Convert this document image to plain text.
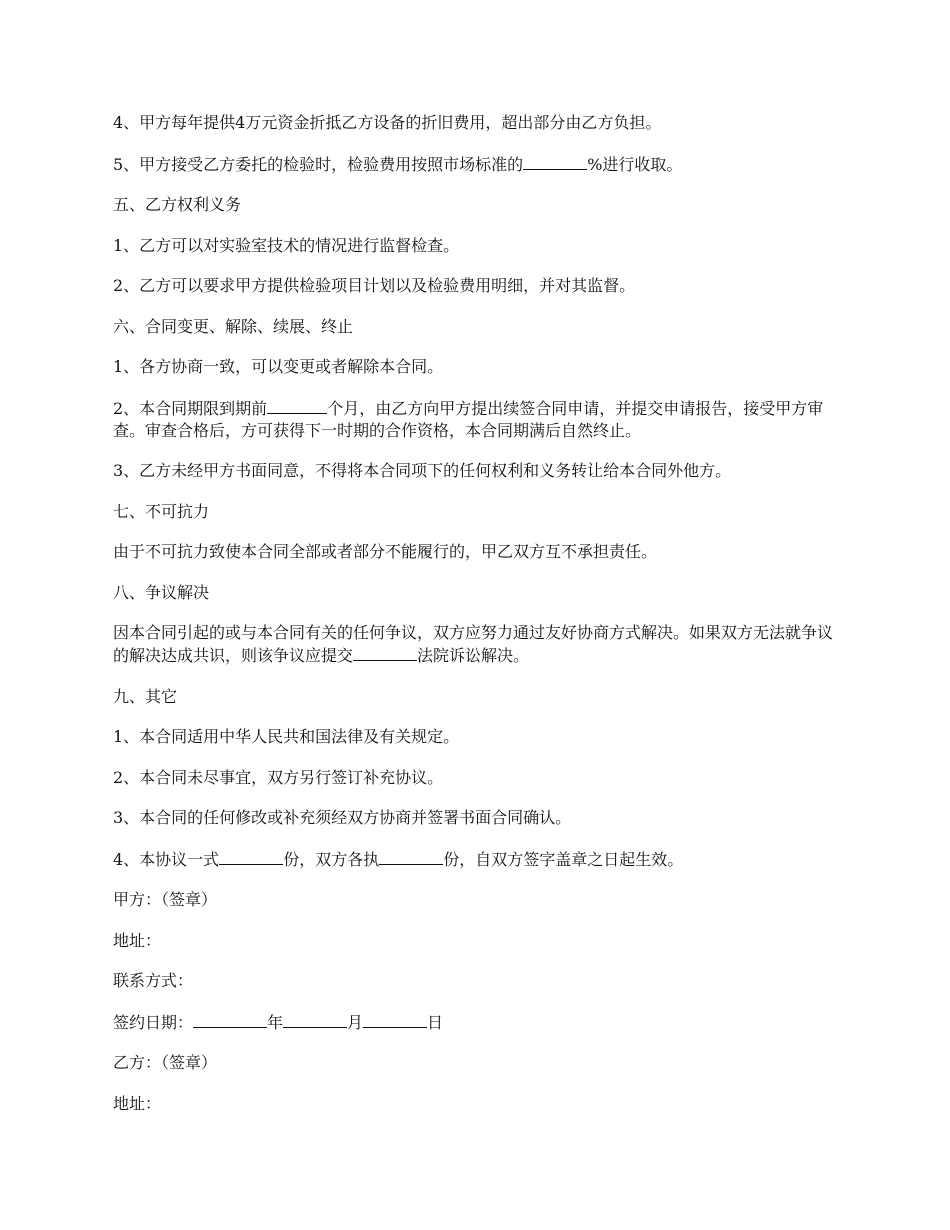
4、甲方每年提供4万元资金折抵乙方设备的折旧费用，超出部分由乙方负担。

5、甲方接受乙方委托的检验时，检验费用按照市场标准的	%进行收取。

五、乙方权利义务

1、乙方可以对实验室技术的情况进行监督检查。

2、乙方可以要求甲方提供检验项目计划以及检验费用明细，并对其监督。

六、合同变更、解除、续展、终止

1、各方协商一致，可以变更或者解除本合同。

2、本合同期限到期前	个月，由乙方向甲方提出续签合同申请，并提交申请报告，接受甲方审查。审查合格后，方可获得下一时期的合作资格，本合同期满后自然终止。

3、乙方未经甲方书面同意，不得将本合同项下的任何权利和义务转让给本合同外他方。

七、不可抗力

由于不可抗力致使本合同全部或者部分不能履行的，甲乙双方互不承担责任。

八、争议解决

因本合同引起的或与本合同有关的任何争议，双方应努力通过友好协商方式解决。如果双方无法就争议的解决达成共识，则该争议应提交	法院诉讼解决。

九、其它

1、本合同适用中华人民共和国法律及有关规定。

2、本合同未尽事宜，双方另行签订补充协议。

3、本合同的任何修改或补充须经双方协商并签署书面合同确认。

4、本协议一式	份，双方各执	份，自双方签字盖章之日起生效。

甲方：（签章）

地址：

联系方式：

签约日期：	年	月	日

乙方：（签章）

地址：
